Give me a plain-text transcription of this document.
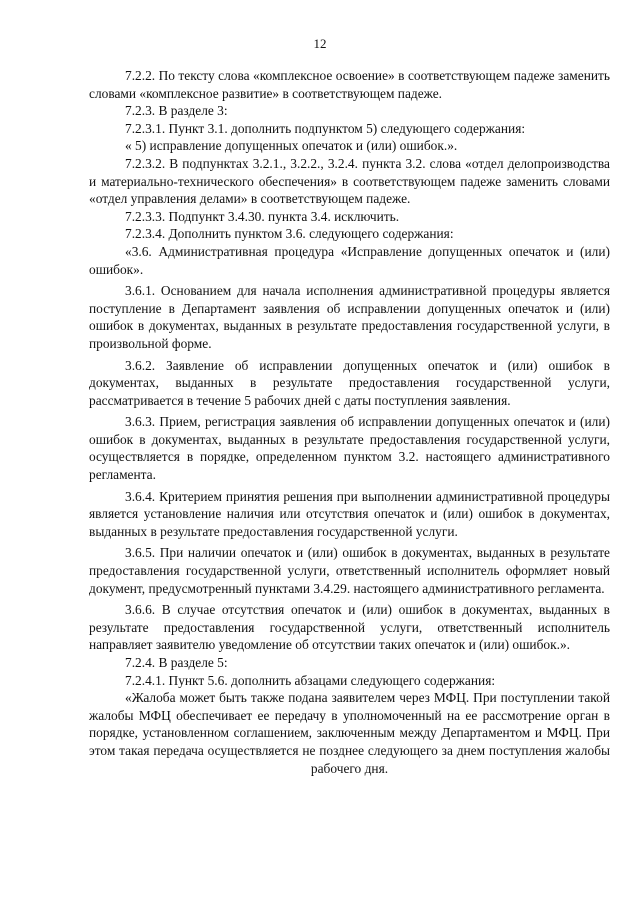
12

7.2.2. По тексту слова «комплексное освоение» в соответствующем падеже заменить словами «комплексное развитие» в соответствующем падеже.

7.2.3. В разделе 3:

7.2.3.1. Пункт 3.1. дополнить подпунктом 5) следующего содержания:

« 5) исправление допущенных опечаток и (или) ошибок.».

7.2.3.2. В подпунктах 3.2.1., 3.2.2., 3.2.4. пункта 3.2. слова «отдел делопроизводства и материально-технического обеспечения» в соответствующем падеже заменить словами «отдел управления делами» в соответствующем падеже.

7.2.3.3. Подпункт 3.4.30. пункта 3.4. исключить.

7.2.3.4. Дополнить пунктом 3.6. следующего содержания:

«3.6. Административная процедура «Исправление допущенных опечаток и (или) ошибок».

3.6.1. Основанием для начала исполнения административной процедуры является поступление в Департамент заявления об исправлении допущенных опечаток и (или) ошибок в документах, выданных в результате предоставления государственной услуги, в произвольной форме.

3.6.2. Заявление об исправлении допущенных опечаток и (или) ошибок в документах, выданных в результате предоставления государственной услуги, рассматривается в течение 5 рабочих дней с даты поступления заявления.

3.6.3. Прием, регистрация заявления об исправлении допущенных опечаток и (или) ошибок в документах, выданных в результате предоставления государственной услуги, осуществляется в порядке, определенном пунктом 3.2. настоящего административного регламента.

3.6.4. Критерием принятия решения при выполнении административной процедуры является установление наличия или отсутствия опечаток и (или) ошибок в документах, выданных в результате предоставления государственной услуги.

3.6.5. При наличии опечаток и (или) ошибок в документах, выданных в результате предоставления государственной услуги, ответственный исполнитель оформляет новый документ, предусмотренный пунктами 3.4.29. настоящего административного регламента.

3.6.6. В случае отсутствия опечаток и (или) ошибок в документах, выданных в результате предоставления государственной услуги, ответственный исполнитель направляет заявителю уведомление об отсутствии таких опечаток и (или) ошибок.».

7.2.4. В разделе 5:

7.2.4.1. Пункт 5.6. дополнить абзацами следующего содержания:

«Жалоба может быть также подана заявителем через МФЦ. При поступлении такой жалобы МФЦ обеспечивает ее передачу в уполномоченный на ее рассмотрение орган в порядке, установленном соглашением, заключенным между Департаментом и МФЦ. При этом такая передача осуществляется не позднее следующего за днем поступления жалобы рабочего дня.
